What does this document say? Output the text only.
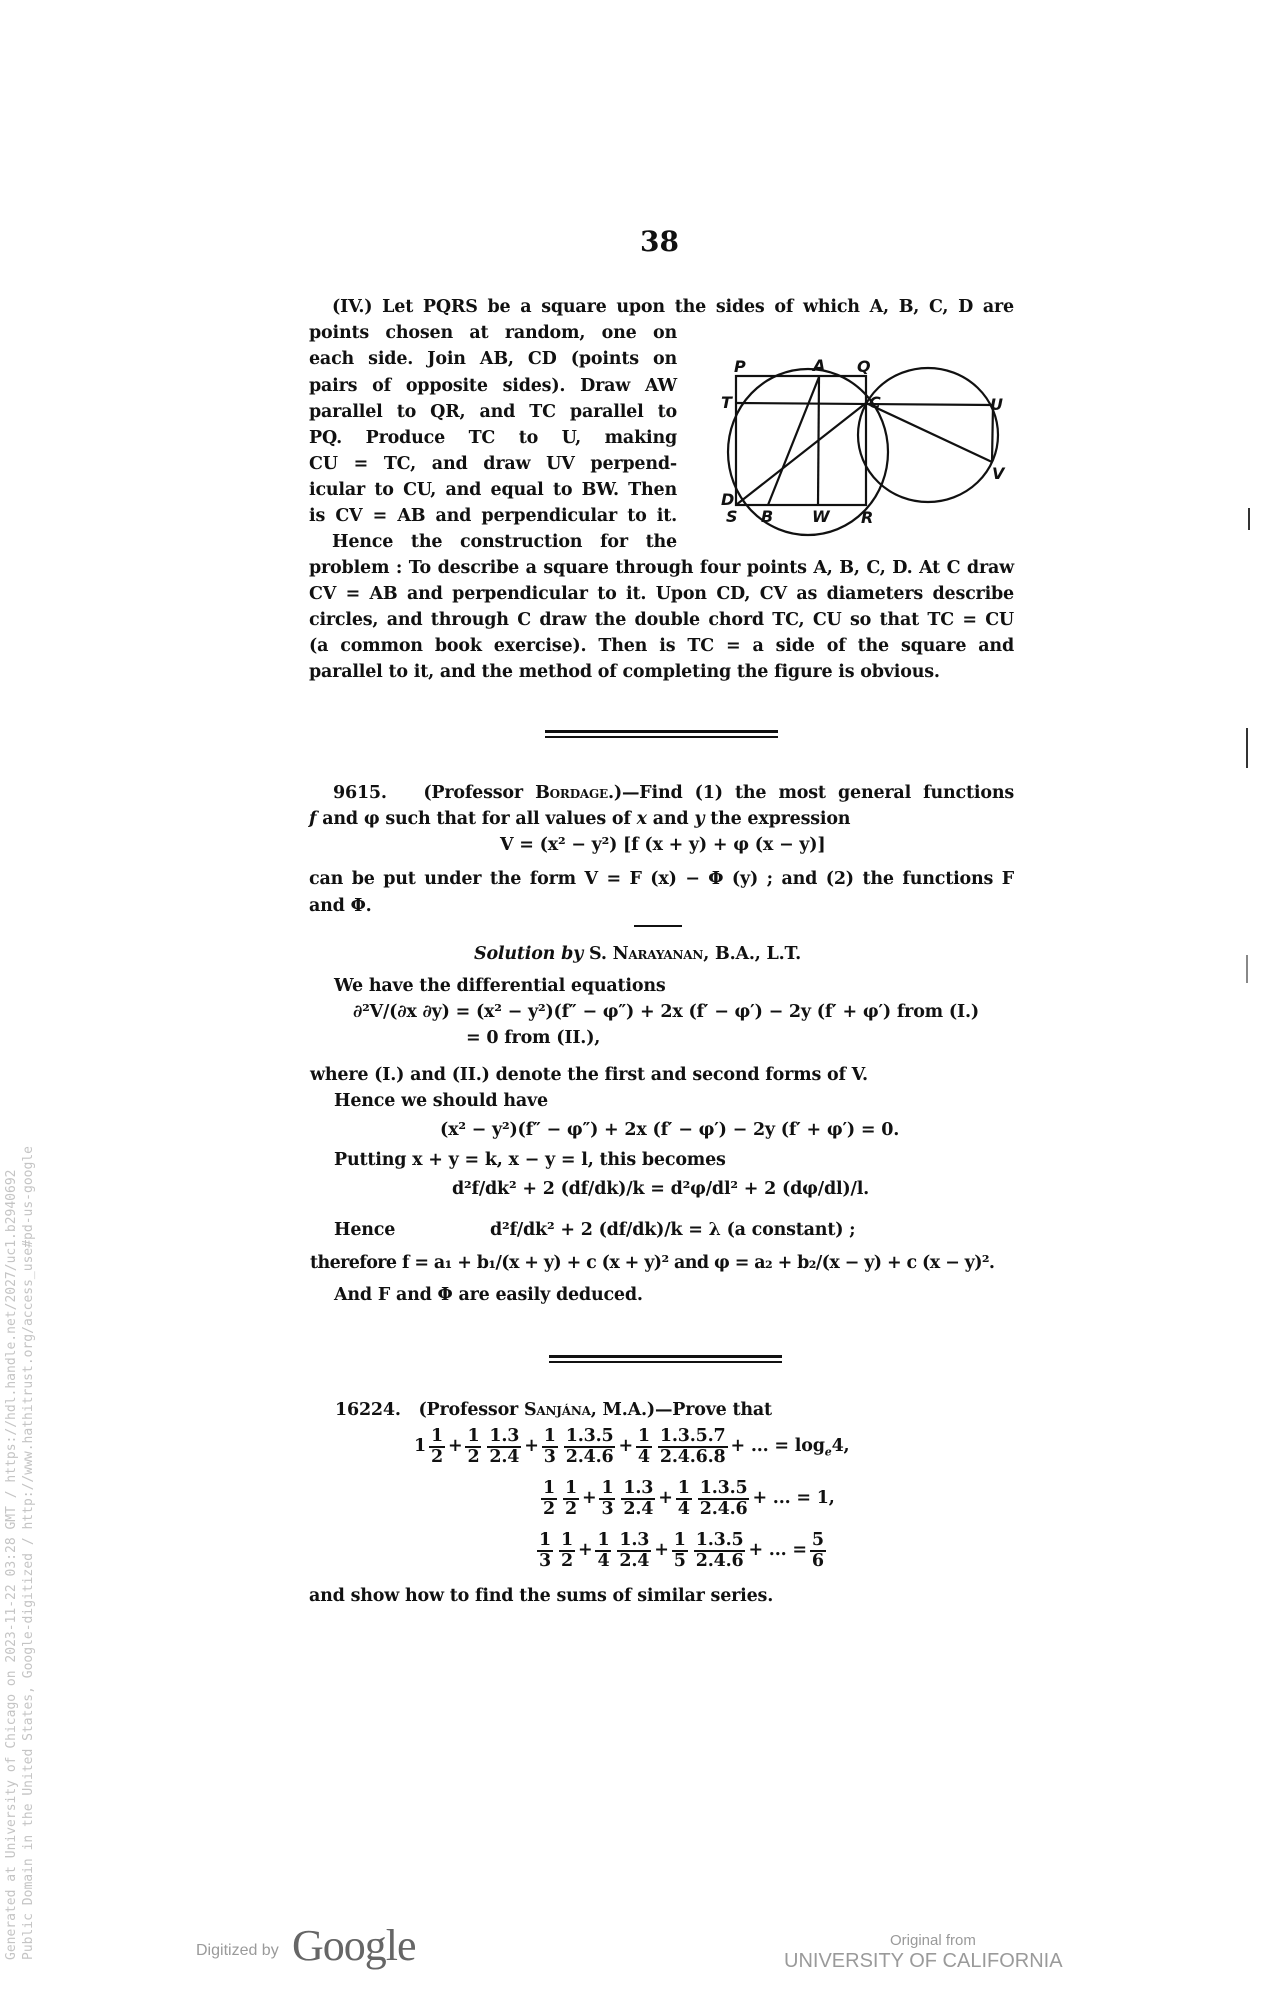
38
(IV.) Let PQRS be a square upon the sides of which A, B, C, D are
points chosen at random, one on
each side. Join AB, CD (points on
pairs of opposite sides). Draw AW
parallel to QR, and TC parallel to
PQ. Produce TC to U, making
CU = TC, and draw UV perpend-
icular to CU, and equal to BW. Then
is CV = AB and perpendicular to it.
Hence the construction for the
problem : To describe a square through four points A, B, C, D. At C draw
CV = AB and perpendicular to it. Upon CD, CV as diameters describe
circles, and through C draw the double chord TC, CU so that TC = CU
(a common book exercise). Then is TC = a side of the square and
parallel to it, and the method of completing the figure is obvious.
P	A Q
T	C	U
V
D
S B W R
9615. (Professor Bordage.)—Find (1) the most general functions
f and φ such that for all values of x and y the expression
V = (x² − y²) [f (x + y) + φ (x − y)]
can be put under the form V = F (x) − Φ (y) ; and (2) the functions F
and Φ.
Solution by S. Narayanan, B.A., L.T.
We have the differential equations
∂²V/(∂x ∂y) = (x² − y²)(f″ − φ″) + 2x (f′ − φ′) − 2y (f′ + φ′) from (I.)
= 0 from (II.),
where (I.) and (II.) denote the first and second forms of V.
Hence we should have
(x² − y²)(f″ − φ″) + 2x (f′ − φ′) − 2y (f′ + φ′) = 0.
Putting x + y = k, x − y = l, this becomes
d²f/dk² + 2 (df/dk)/k = d²φ/dl² + 2 (dφ/dl)/l.
Hence	d²f/dk² + 2 (df/dk)/k = λ (a constant) ;
therefore f = a₁ + b₁/(x + y) + c (x + y)² and φ = a₂ + b₂/(x − y) + c (x − y)².
And F and Φ are easily deduced.
16224. (Professor Sanjána, M.A.)—Prove that
$1 \frac{1}{2} + \frac{1}{2} \frac{1.3}{2.4} + \frac{1}{3} \frac{1.3.5}{2.4.6} + \frac{1}{4} \frac{1.3.5.7}{2.4.6.8}$ + ... = $\log_e4$,
$\frac{1}{2} \frac{1}{2} + \frac{1}{3} \frac{1.3}{2.4} + \frac{1}{4} \frac{1.3.5}{2.4.6}$ + ... = 1,
$\frac{1}{3} \frac{1}{2} + \frac{1}{4} \frac{1.3}{2.4} + \frac{1}{5} \frac{1.3.5}{2.4.6}$ + ... = $\frac{5}{6}$
and show how to find the sums of similar series.
Generated at University of Chicago on 2023-11-22 03:28 GMT / https://hdl.handle.net/2027/uc1.b2940692 Public Domain in the United States, Google-digitized / http://www.hathitrust.org/access_use#pd-us-google	Digitized by Google	Original from
UNIVERSITY OF CALIFORNIA
